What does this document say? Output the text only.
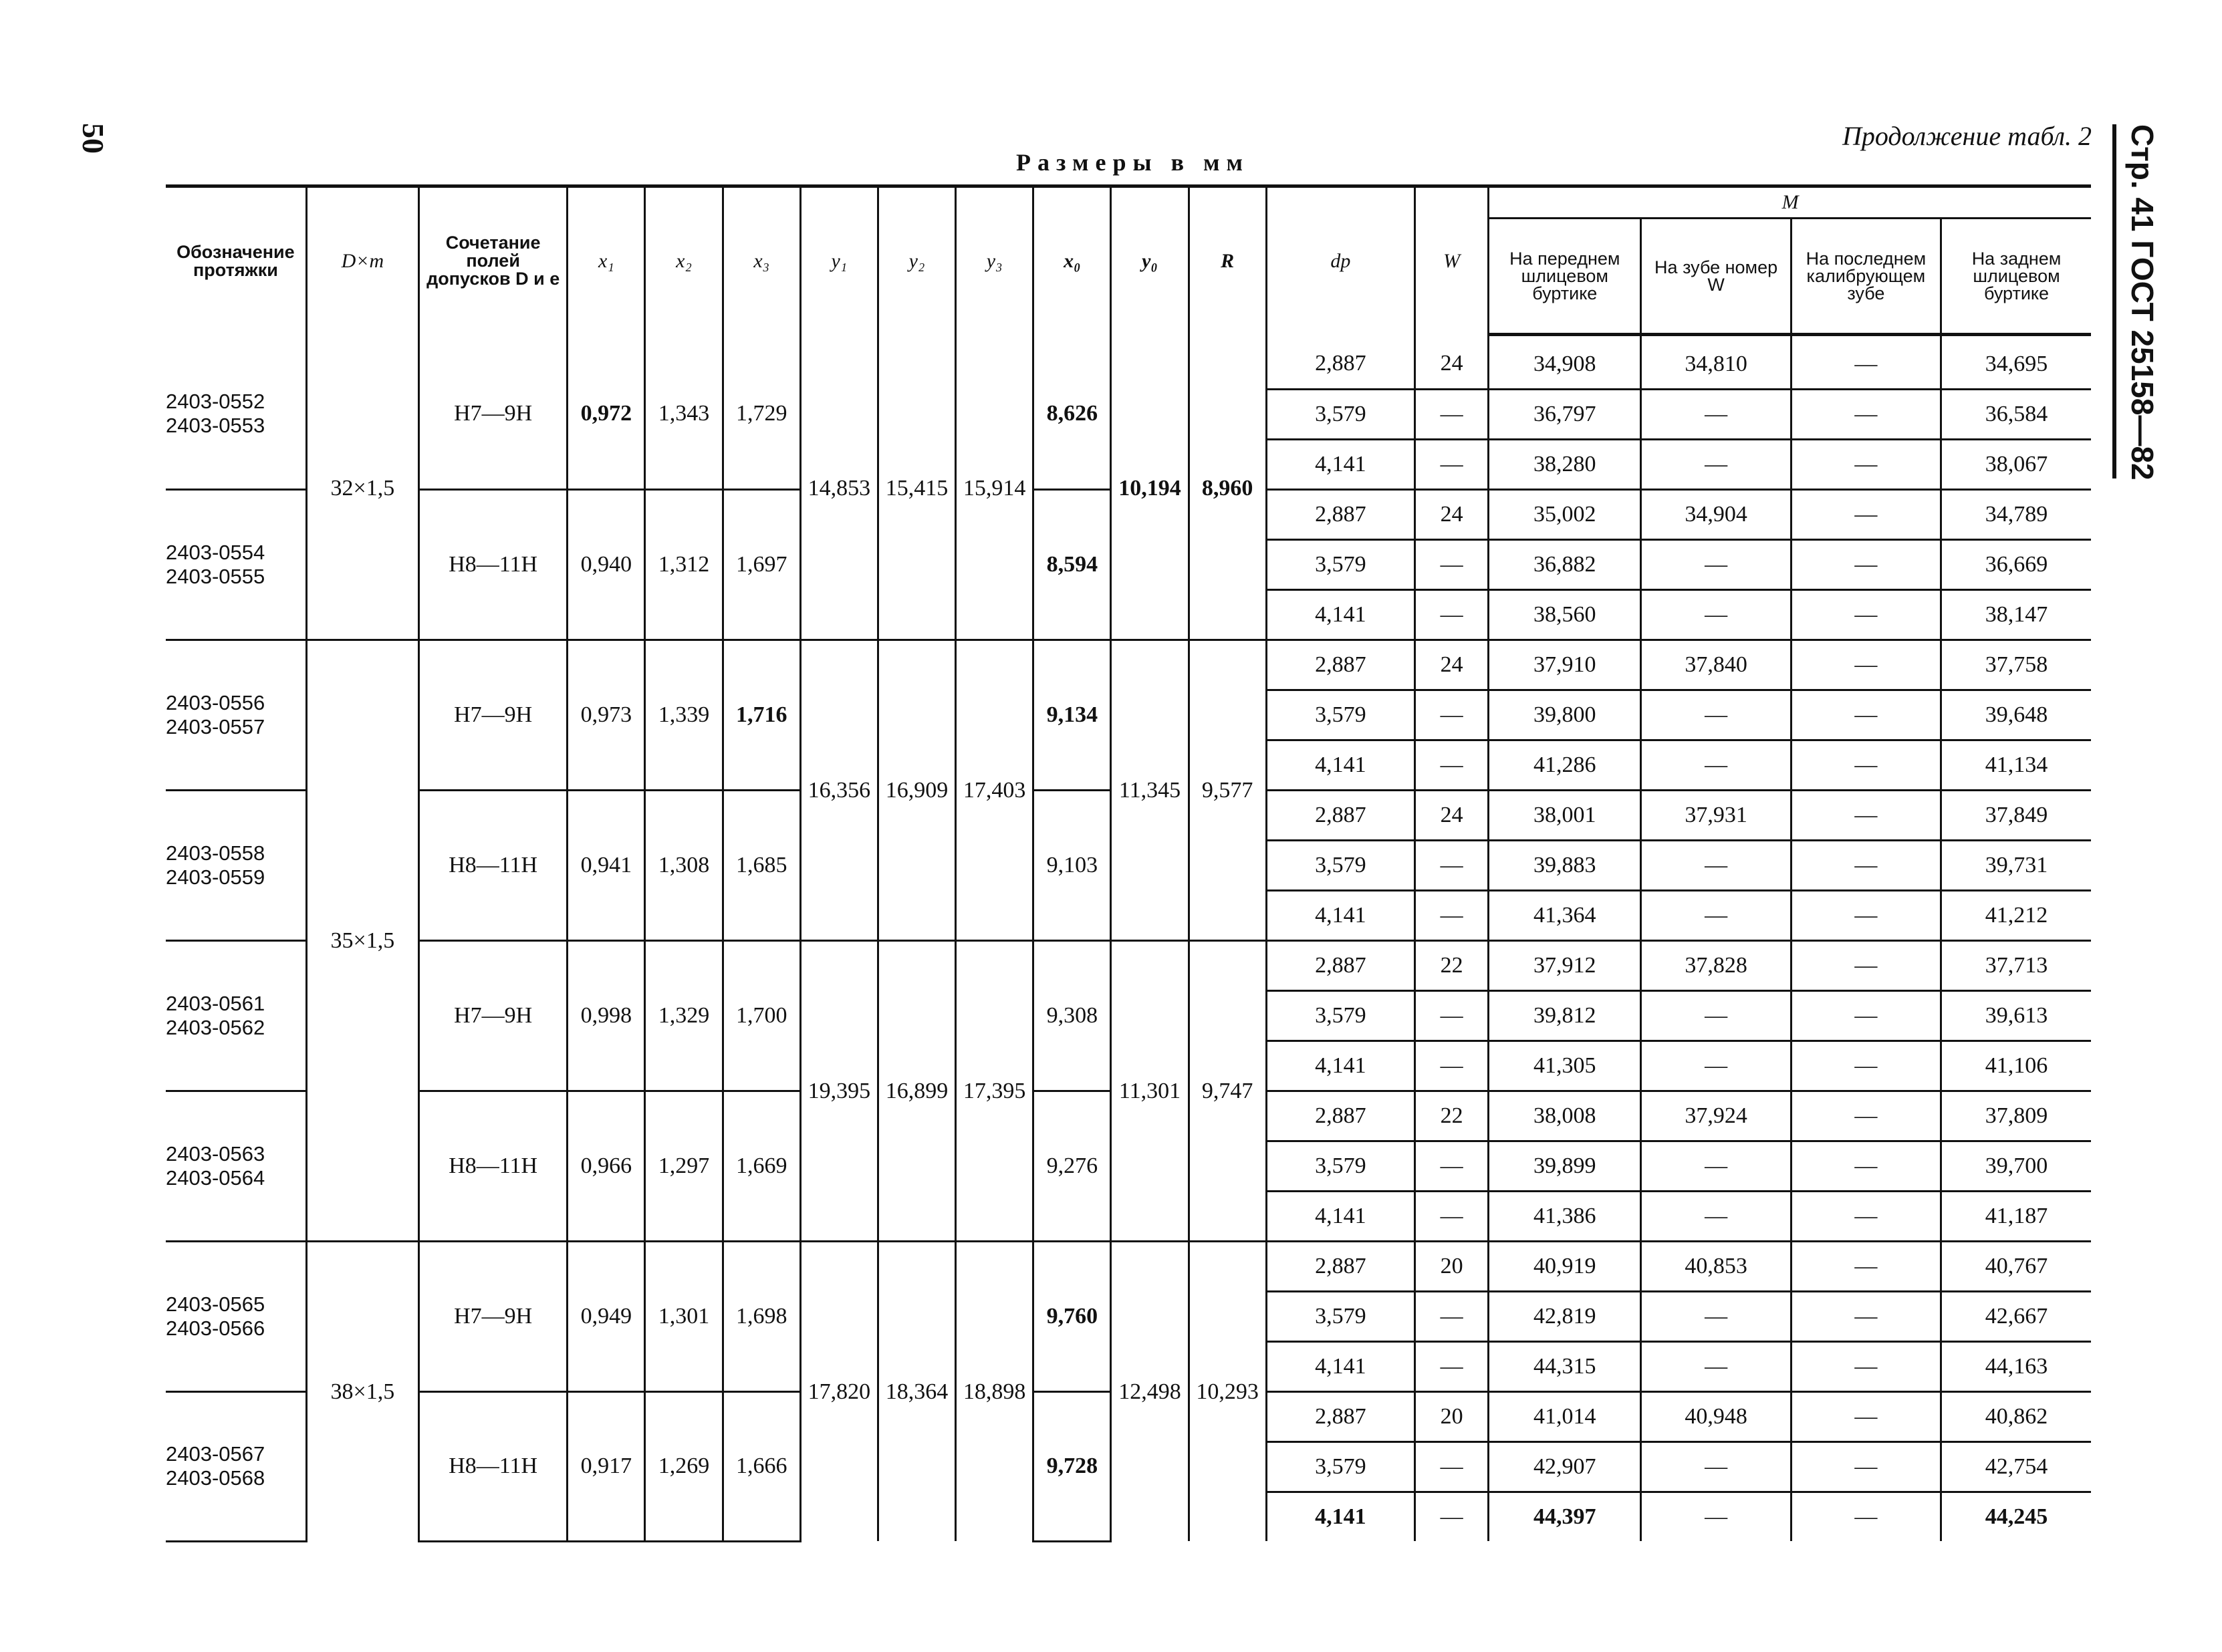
50	Продолжение табл. 2
Размеры в мм	Стр. 41 ГОСТ 25158—82
Обозначение протяжки	D×m	Сочетание полей допусков D и e	x₁	x₂	x₃	y₁	y₂	y₃	x₀	y₀	R	dp	W	M			
														На переднем шлицевом буртике	На зубе номер W	На последнем калибрующем зубе	На заднем шлицевом буртике

2403-0552
2403-0553	32×1,5	Н7—9Н	0,972	1,343	1,729	14,853	15,415	15,914	8,626	10,194	8,960	2,887	24	34,908	34,810	—	34,695
												3,579	—	36,797	—	—	36,584
												4,141	—	38,280	—	—	38,067

2403-0554
2403-0555		Н8—11Н	0,940	1,312	1,697				8,594			2,887	24	35,002	34,904	—	34,789
												3,579	—	36,882	—	—	36,669
												4,141	—	38,560	—	—	38,147

2403-0556
2403-0557	35×1,5	Н7—9Н	0,973	1,339	1,716	16,356	16,909	17,403	9,134	11,345	9,577	2,887	24	37,910	37,840	—	37,758
												3,579	—	39,800	—	—	39,648
												4,141	—	41,286	—	—	41,134

2403-0558
2403-0559		Н8—11Н	0,941	1,308	1,685				9,103			2,887	24	38,001	37,931	—	37,849
												3,579	—	39,883	—	—	39,731
												4,141	—	41,364	—	—	41,212

2403-0561
2403-0562		Н7—9Н	0,998	1,329	1,700	19,395	16,899	17,395	9,308	11,301	9,747	2,887	22	37,912	37,828	—	37,713
												3,579	—	39,812	—	—	39,613
												4,141	—	41,305	—	—	41,106

2403-0563
2403-0564		Н8—11Н	0,966	1,297	1,669				9,276			2,887	22	38,008	37,924	—	37,809
												3,579	—	39,899	—	—	39,700
												4,141	—	41,386	—	—	41,187

2403-0565
2403-0566	38×1,5	Н7—9Н	0,949	1,301	1,698	17,820	18,364	18,898	9,760	12,498	10,293	2,887	20	40,919	40,853	—	40,767
												3,579	—	42,819	—	—	42,667
												4,141	—	44,315	—	—	44,163

2403-0567
2403-0568		Н8—11Н	0,917	1,269	1,666				9,728			2,887	20	41,014	40,948	—	40,862
												3,579	—	42,907	—	—	42,754
												4,141	—	44,397	—	—	44,245
